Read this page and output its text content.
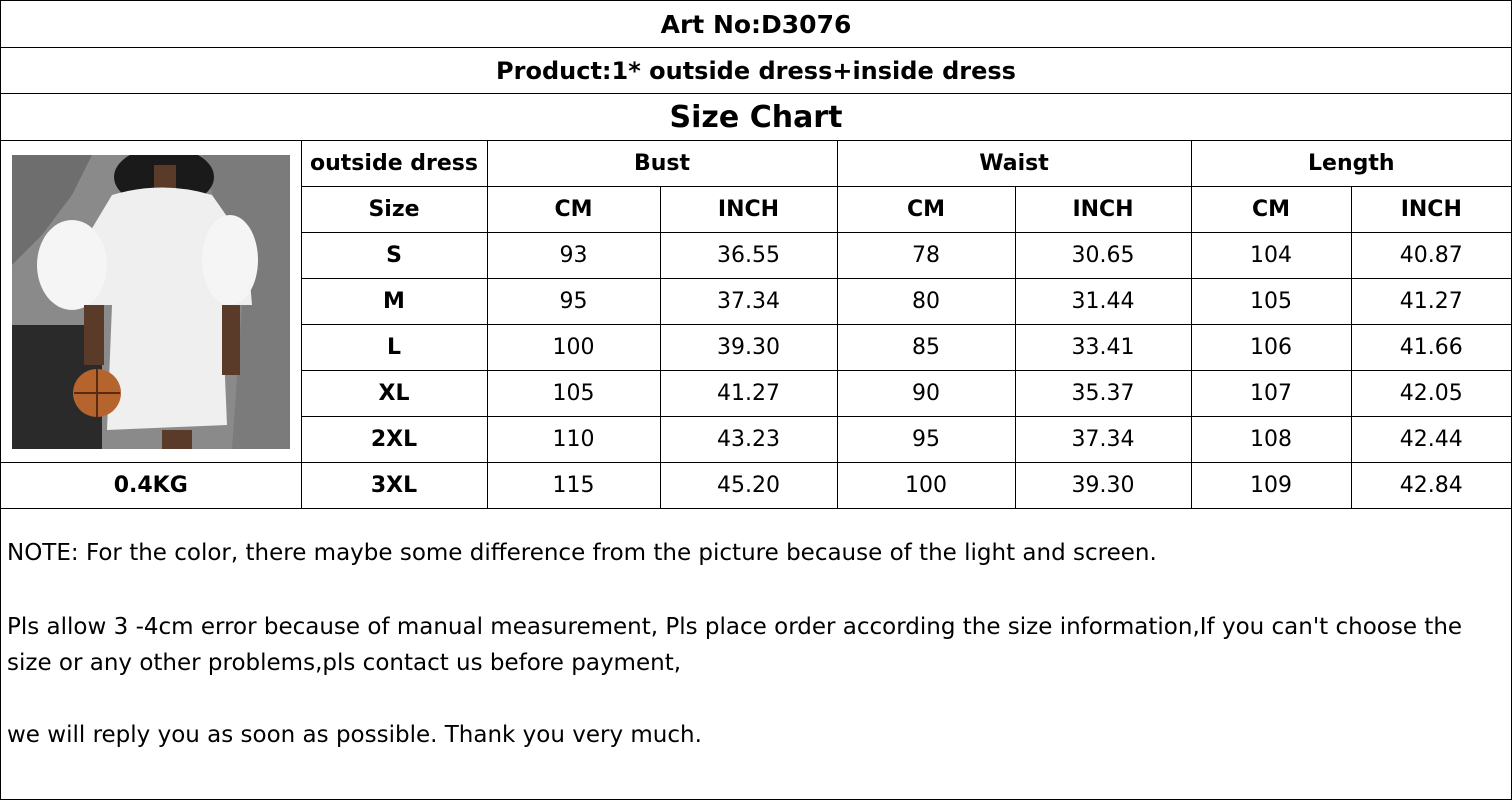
Art No:D3076
Product:1* outside dress+inside dress
Size Chart
	outside dress	Bust		Waist		Length	
	Size	CM	INCH	CM	INCH	CM	INCH
	S	93	36.55	78	30.65	104	40.87
	M	95	37.34	80	31.44	105	41.27
	L	100	39.30	85	33.41	106	41.66
	XL	105	41.27	90	35.37	107	42.05
	2XL	110	43.23	95	37.34	108	42.44
0.4KG	3XL	115	45.20	100	39.30	109	42.84

NOTE: For the color, there maybe some difference from the picture because of the light and screen.

Pls allow 3 -4cm error because of manual measurement, Pls place order according the size information,If you can't choose the size or any other problems,pls contact us before payment,

we will reply you as soon as possible. Thank you very much.
